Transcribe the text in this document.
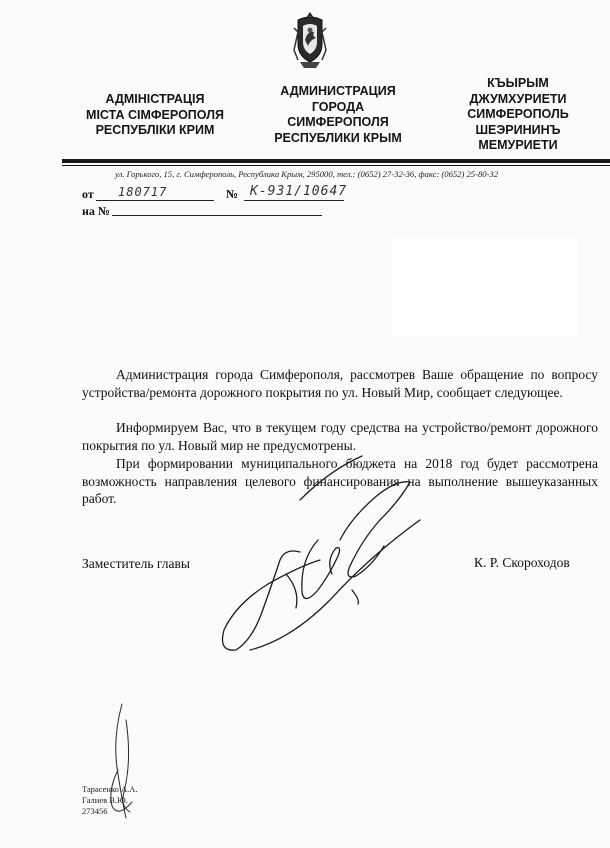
АДМІНІСТРАЦІЯ
МІСТА СІМФЕРОПОЛЯ
РЕСПУБЛІКИ КРИМ
АДМИНИСТРАЦИЯ
ГОРОДА
СИМФЕРОПОЛЯ
РЕСПУБЛИКИ КРЫМ
КЪЫРЫМ
ДЖУМХУРИЕТИ
СИМФЕРОПОЛЬ
ШЕЭРИНИНЪ
МЕМУРИЕТИ
ул. Горького, 15, г. Симферополь, Республика Крым, 295000, тел.: (0652) 27-32-36, факс: (0652) 25-80-32
от 180717	№ K-931/10647
на №
Администрация города Симферополя, рассмотрев Ваше обращение по вопросу устройства/ремонта дорожного покрытия по ул. Новый Мир, сообщает следующее.
Информируем Вас, что в текущем году средства на устройство/ремонт дорожного покрытия по ул. Новый мир не предусмотрены.
При формировании муниципального бюджета на 2018 год будет рассмотрена возможность направления целевого финансирования на выполнение вышеуказанных работ.
Заместитель главы	К. Р. Скороходов
Тарасенко А.А.
Галиев В.Ю.
273456
